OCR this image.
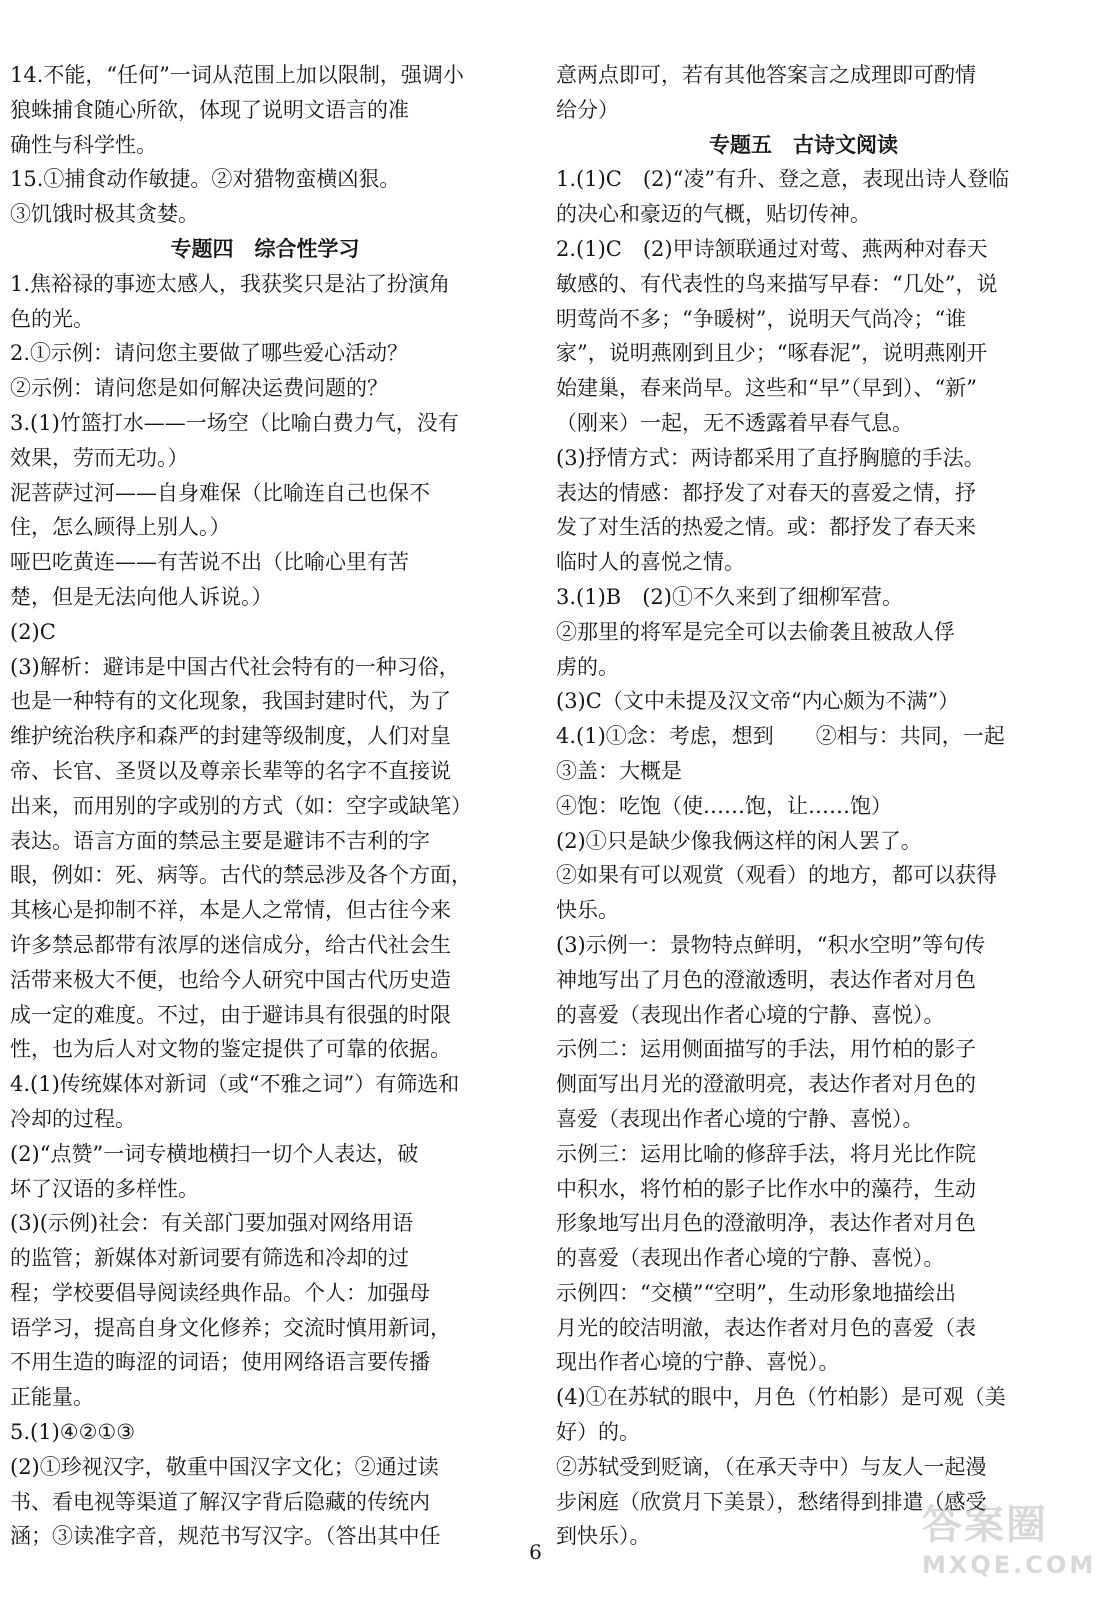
14.不能，“任何”一词从范围上加以限制，强调小
狼蛛捕食随心所欲，体现了说明文语言的准
确性与科学性。
15.①捕食动作敏捷。②对猎物蛮横凶狠。
③饥饿时极其贪婪。
专题四　综合性学习
1.焦裕禄的事迹太感人，我获奖只是沾了扮演角
色的光。
2.①示例：请问您主要做了哪些爱心活动？
②示例：请问您是如何解决运费问题的？
3.(1)竹篮打水——一场空（比喻白费力气，没有
效果，劳而无功。）
泥菩萨过河——自身难保（比喻连自己也保不
住，怎么顾得上别人。）
哑巴吃黄连——有苦说不出（比喻心里有苦
楚，但是无法向他人诉说。）
(2)C
(3)解析：避讳是中国古代社会特有的一种习俗，
也是一种特有的文化现象，我国封建时代，为了
维护统治秩序和森严的封建等级制度，人们对皇
帝、长官、圣贤以及尊亲长辈等的名字不直接说
出来，而用别的字或别的方式（如：空字或缺笔）
表达。语言方面的禁忌主要是避讳不吉利的字
眼，例如：死、病等。古代的禁忌涉及各个方面，
其核心是抑制不祥，本是人之常情，但古往今来
许多禁忌都带有浓厚的迷信成分，给古代社会生
活带来极大不便，也给今人研究中国古代历史造
成一定的难度。不过，由于避讳具有很强的时限
性，也为后人对文物的鉴定提供了可靠的依据。
4.(1)传统媒体对新词（或“不雅之词”）有筛选和
冷却的过程。
(2)“点赞”一词专横地横扫一切个人表达，破
坏了汉语的多样性。
(3)(示例)社会：有关部门要加强对网络用语
的监管；新媒体对新词要有筛选和冷却的过
程；学校要倡导阅读经典作品。个人：加强母
语学习，提高自身文化修养；交流时慎用新词，
不用生造的晦涩的词语；使用网络语言要传播
正能量。
5.(1)④②①③
(2)①珍视汉字，敬重中国汉字文化；②通过读
书、看电视等渠道了解汉字背后隐藏的传统内
涵；③读准字音，规范书写汉字。（答出其中任
意两点即可，若有其他答案言之成理即可酌情
给分）
专题五　古诗文阅读
1.(1)C　(2)“凌”有升、登之意，表现出诗人登临
的决心和豪迈的气概，贴切传神。
2.(1)C　(2)甲诗颔联通过对莺、燕两种对春天
敏感的、有代表性的鸟来描写早春：“几处”，说
明莺尚不多；“争暖树”，说明天气尚冷；“谁
家”，说明燕刚到且少；“啄春泥”，说明燕刚开
始建巢，春来尚早。这些和“早”（早到）、“新”
（刚来）一起，无不透露着早春气息。
(3)抒情方式：两诗都采用了直抒胸臆的手法。
表达的情感：都抒发了对春天的喜爱之情，抒
发了对生活的热爱之情。或：都抒发了春天来
临时人的喜悦之情。
3.(1)B　(2)①不久来到了细柳军营。
②那里的将军是完全可以去偷袭且被敌人俘
虏的。
(3)C（文中未提及汉文帝“内心颇为不满”）
4.(1)①念：考虑，想到　　②相与：共同，一起
③盖：大概是
④饱：吃饱（使……饱，让……饱）
(2)①只是缺少像我俩这样的闲人罢了。
②如果有可以观赏（观看）的地方，都可以获得
快乐。
(3)示例一：景物特点鲜明，“积水空明”等句传
神地写出了月色的澄澈透明，表达作者对月色
的喜爱（表现出作者心境的宁静、喜悦）。
示例二：运用侧面描写的手法，用竹柏的影子
侧面写出月光的澄澈明亮，表达作者对月色的
喜爱（表现出作者心境的宁静、喜悦）。
示例三：运用比喻的修辞手法，将月光比作院
中积水，将竹柏的影子比作水中的藻荇，生动
形象地写出月色的澄澈明净，表达作者对月色
的喜爱（表现出作者心境的宁静、喜悦）。
示例四：“交横”“空明”，生动形象地描绘出
月光的皎洁明澈，表达作者对月色的喜爱（表
现出作者心境的宁静、喜悦）。
(4)①在苏轼的眼中，月色（竹柏影）是可观（美
好）的。
②苏轼受到贬谪，（在承天寺中）与友人一起漫
步闲庭（欣赏月下美景），愁绪得到排遣（感受
到快乐）。
6
答案圈
MXQE.COM
